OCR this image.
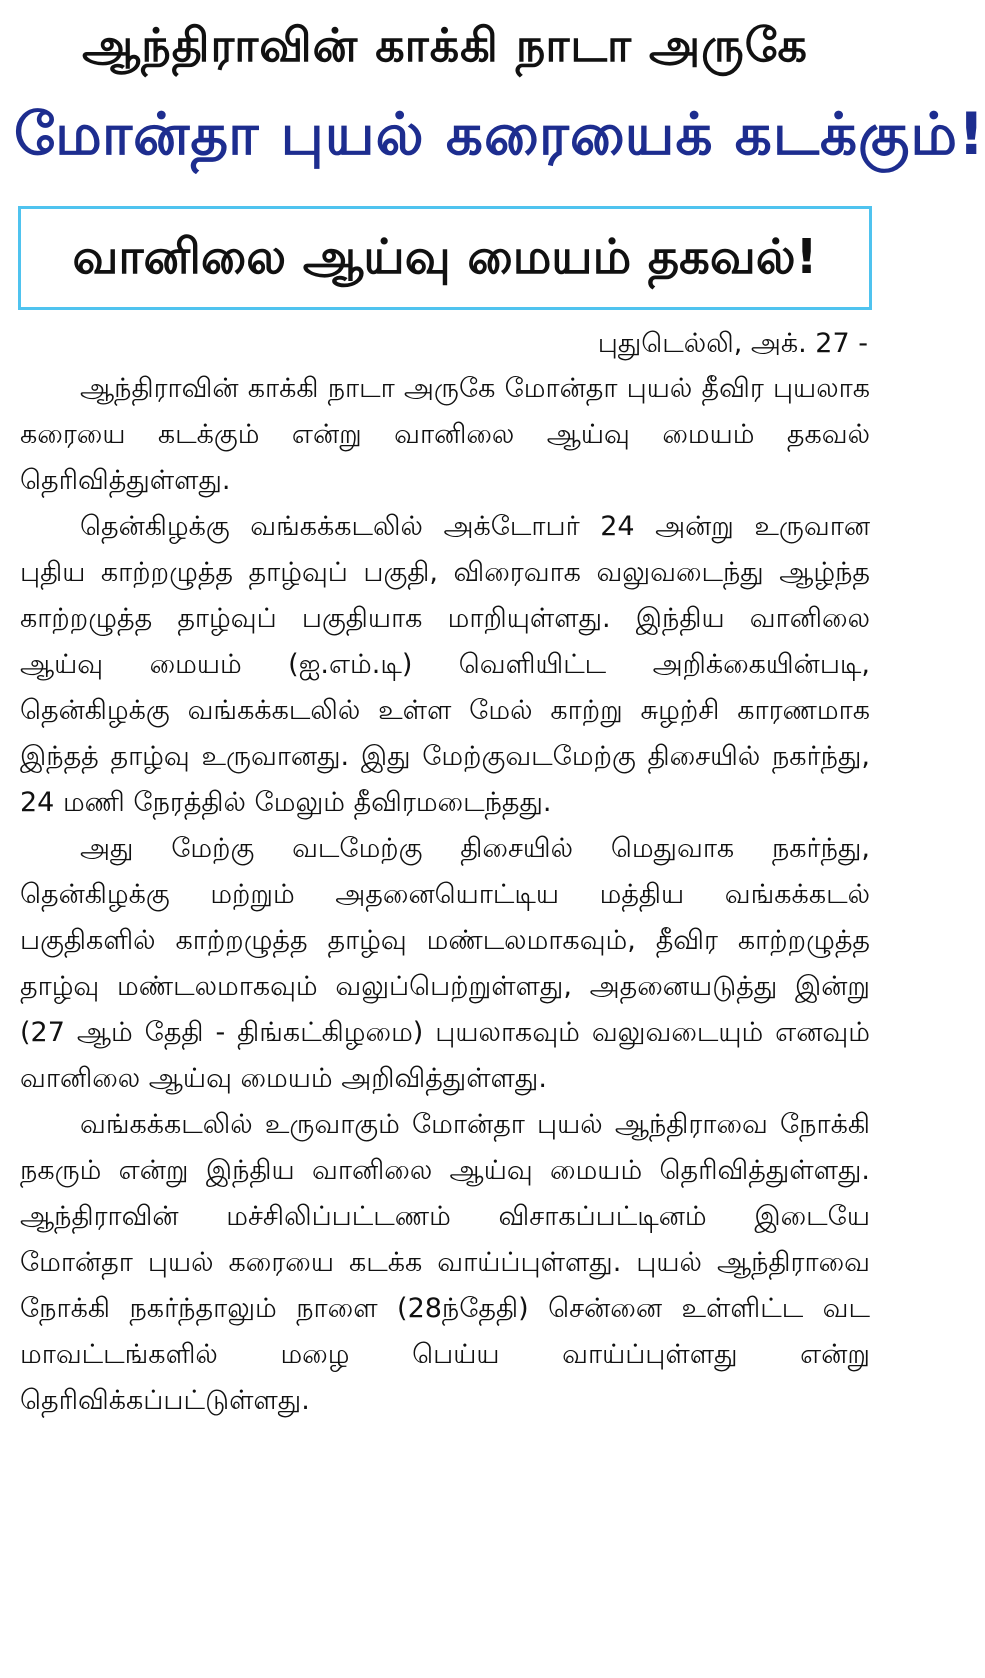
ஆந்திராவின் காக்கி நாடா அருகே
மோன்தா புயல் கரையைக் கடக்கும்!
வானிலை ஆய்வு மையம் தகவல்!
புதுடெல்லி, அக். 27 -

ஆந்திராவின் காக்கி நாடா அருகே மோன்தா புயல் தீவிர புயலாக கரையை கடக்கும் என்று வானிலை ஆய்வு மையம் தகவல் தெரிவித்துள்ளது.

தென்கிழக்கு வங்கக்கடலில் அக்டோபர் 24 அன்று உருவான புதிய காற்றழுத்த தாழ்வுப் பகுதி, விரைவாக வலுவடைந்து ஆழ்ந்த காற்றழுத்த தாழ்வுப் பகுதியாக மாறியுள்ளது. இந்திய வானிலை ஆய்வு மையம் (ஐ.எம்.டி) வெளியிட்ட அறிக்கையின்படி, தென்கிழக்கு வங்கக்கடலில் உள்ள மேல் காற்று சுழற்சி காரணமாக இந்தத் தாழ்வு உருவானது. இது மேற்குவடமேற்கு திசையில் நகர்ந்து, 24 மணி நேரத்தில் மேலும் தீவிரமடைந்தது.

அது மேற்கு வடமேற்கு திசையில் மெதுவாக நகர்ந்து, தென்கிழக்கு மற்றும் அதனையொட்டிய மத்திய வங்கக்கடல் பகுதிகளில் காற்றழுத்த தாழ்வு மண்டலமாகவும், தீவிர காற்றழுத்த தாழ்வு மண்டலமாகவும் வலுப்பெற்றுள்ளது, அதனையடுத்து இன்று (27 ஆம் தேதி - திங்கட்கிழமை) புயலாகவும் வலுவடையும் எனவும் வானிலை ஆய்வு மையம் அறிவித்துள்ளது.

வங்கக்கடலில் உருவாகும் மோன்தா புயல் ஆந்திராவை நோக்கி நகரும் என்று இந்திய வானிலை ஆய்வு மையம் தெரிவித்துள்ளது. ஆந்திராவின் மச்சிலிப்பட்டணம் விசாகப்பட்டினம் இடையே மோன்தா புயல் கரையை கடக்க வாய்ப்புள்ளது. புயல் ஆந்திராவை நோக்கி நகர்ந்தாலும் நாளை (28ந்தேதி) சென்னை உள்ளிட்ட வட மாவட்டங்களில் மழை பெய்ய வாய்ப்புள்ளது என்று தெரிவிக்கப்பட்டுள்ளது.
